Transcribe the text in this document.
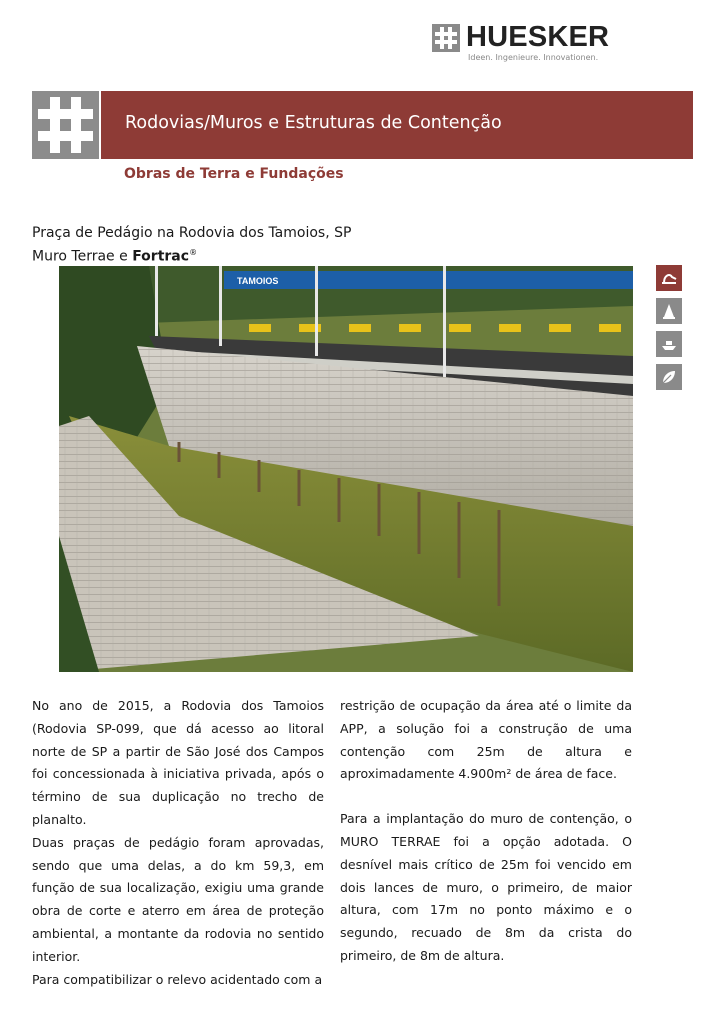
HUESKER
Ideen. Ingenieure. Innovationen.
Rodovias/Muros e Estruturas de Contenção
Obras de Terra e Fundações
Praça de Pedágio na Rodovia dos Tamoios, SP
Muro Terrae e Fortrac®
TAMOIOS

No ano de 2015, a Rodovia dos Tamoios (Rodovia SP-099, que dá acesso ao litoral norte de SP a partir de São José dos Campos foi concessionada à iniciativa privada, após o término de sua duplicação no trecho de planalto.

Duas praças de pedágio foram aprovadas, sendo que uma delas, a do km 59,3, em função de sua localização, exigiu uma grande obra de corte e aterro em área de proteção ambiental, a montante da rodovia no sentido interior.

Para compatibilizar o relevo acidentado com a

restrição de ocupação da área até o limite da APP, a solução foi a construção de uma contenção com 25m de altura e aproximadamente 4.900m² de área de face.

Para a implantação do muro de contenção, o MURO TERRAE foi a opção adotada. O desnível mais crítico de 25m foi vencido em dois lances de muro, o primeiro, de maior altura, com 17m no ponto máximo e o segundo, recuado de 8m da crista do primeiro, de 8m de altura.
